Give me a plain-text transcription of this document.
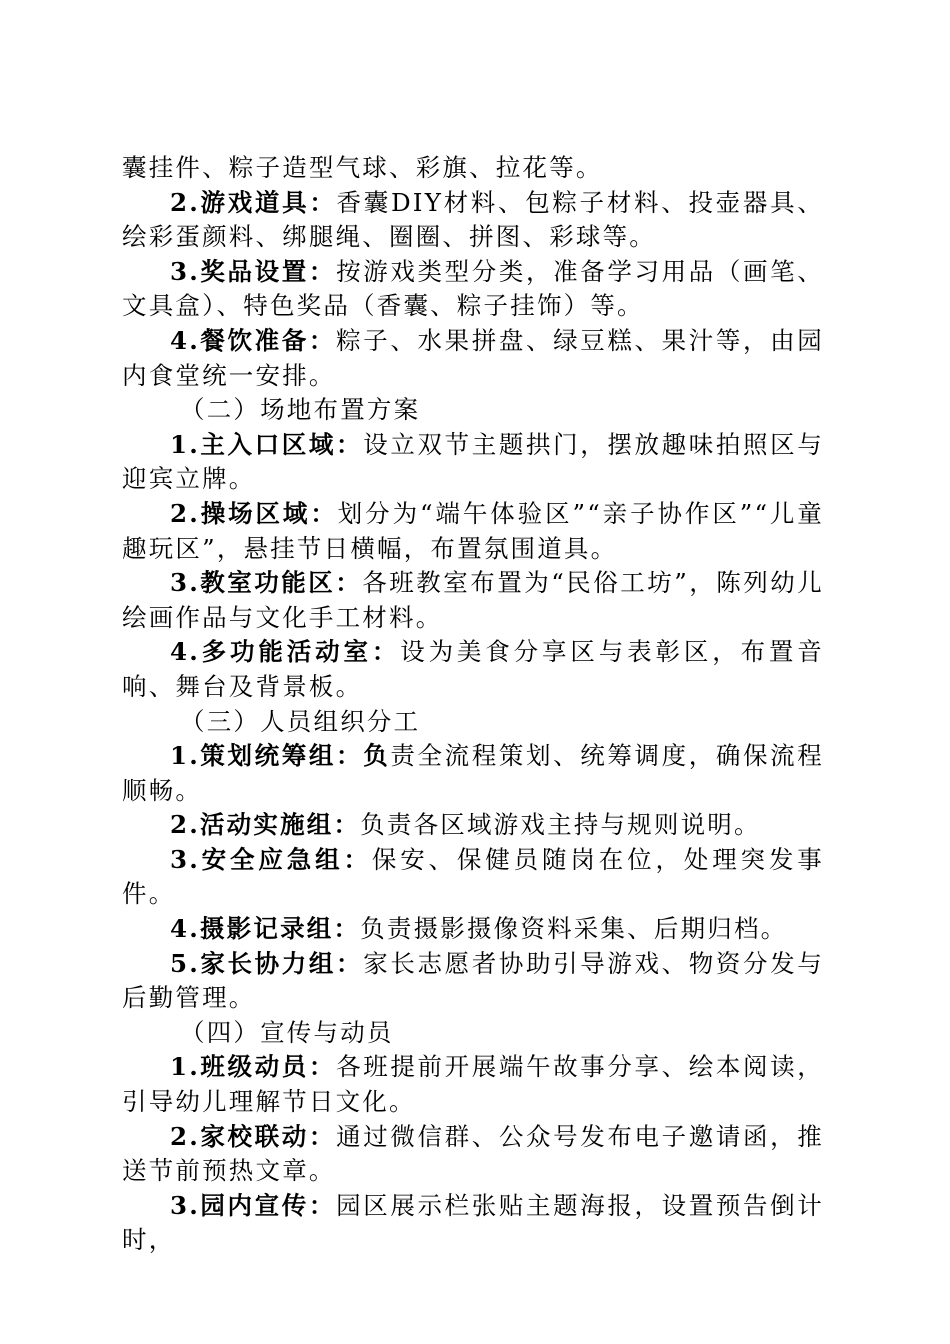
囊挂件、粽子造型气球、彩旗、拉花等。

2.游戏道具：香囊DIY材料、包粽子材料、投壶器具、绘彩蛋颜料、绑腿绳、圈圈、拼图、彩球等。

3.奖品设置：按游戏类型分类，准备学习用品（画笔、文具盒）、特色奖品（香囊、粽子挂饰）等。

4.餐饮准备：粽子、水果拼盘、绿豆糕、果汁等，由园内食堂统一安排。

（二）场地布置方案

1.主入口区域：设立双节主题拱门，摆放趣味拍照区与迎宾立牌。

2.操场区域：划分为“端午体验区”“亲子协作区”“儿童趣玩区”，悬挂节日横幅，布置氛围道具。

3.教室功能区：各班教室布置为“民俗工坊”，陈列幼儿绘画作品与文化手工材料。

4.多功能活动室：设为美食分享区与表彰区，布置音响、舞台及背景板。

（三）人员组织分工

1.策划统筹组：负责全流程策划、统筹调度，确保流程顺畅。

2.活动实施组：负责各区域游戏主持与规则说明。

3.安全应急组：保安、保健员随岗在位，处理突发事件。

4.摄影记录组：负责摄影摄像资料采集、后期归档。

5.家长协力组：家长志愿者协助引导游戏、物资分发与后勤管理。

（四）宣传与动员

1.班级动员：各班提前开展端午故事分享、绘本阅读，引导幼儿理解节日文化。

2.家校联动：通过微信群、公众号发布电子邀请函，推送节前预热文章。

3.园内宣传：园区展示栏张贴主题海报，设置预告倒计时，
